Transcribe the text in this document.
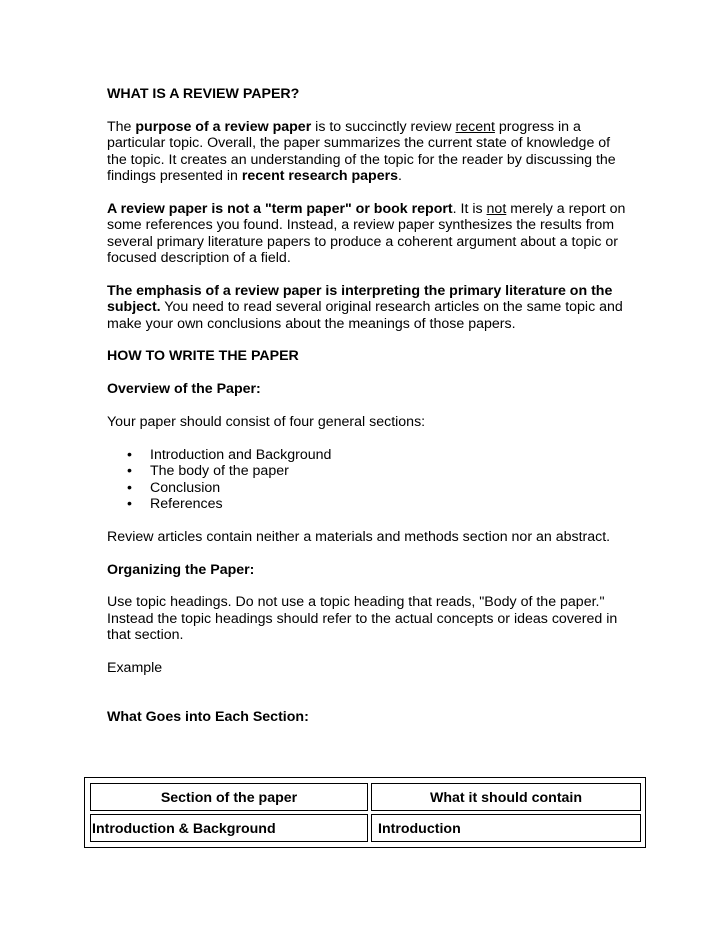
WHAT IS A REVIEW PAPER?

The purpose of a review paper is to succinctly review recent progress in a particular topic. Overall, the paper summarizes the current state of knowledge of the topic. It creates an understanding of the topic for the reader by discussing the findings presented in recent research papers.

A review paper is not a "term paper" or book report. It is not merely a report on some references you found. Instead, a review paper synthesizes the results from several primary literature papers to produce a coherent argument about a topic or focused description of a field.

The emphasis of a review paper is interpreting the primary literature on the subject. You need to read several original research articles on the same topic and make your own conclusions about the meanings of those papers.

HOW TO WRITE THE PAPER

Overview of the Paper:

Your paper should consist of four general sections:

• Introduction and Background
• The body of the paper
• Conclusion
• References

Review articles contain neither a materials and methods section nor an abstract.

Organizing the Paper:

Use topic headings. Do not use a topic heading that reads, "Body of the paper." Instead the topic headings should refer to the actual concepts or ideas covered in that section.

Example

What Goes into Each Section:

Section of the paper	What it should contain
Introduction & Background	Introduction
